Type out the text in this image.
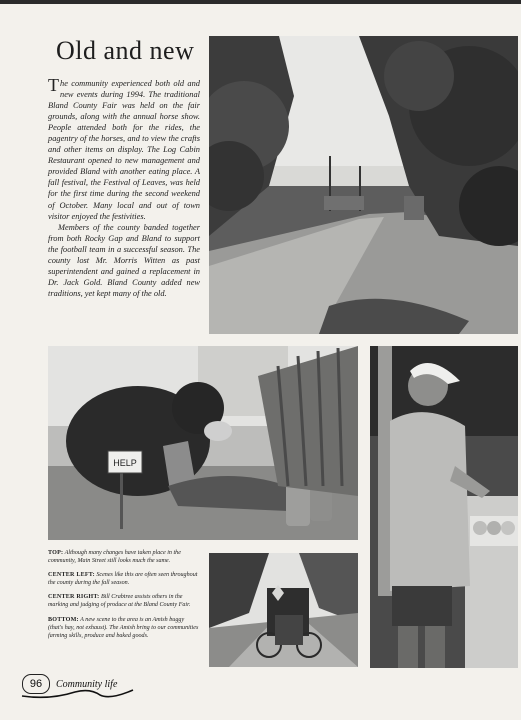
Old and new

The community experienced both old and new events during 1994. The traditional Bland County Fair was held on the fair grounds, along with the annual horse show. People attended both for the rides, the pagentry of the horses, and to view the crafts and other items on display. The Log Cabin Restaurant opened to new management and provided Bland with another eating place. A fall festival, the Festival of Leaves, was held for the first time during the second weekend of October. Many local and out of town visitor enjoyed the festivities.

Members of the county banded together from both Rocky Gap and Bland to support the football team in a successful season. The county lost Mr. Morris Witten as past superintendent and gained a replacement in Dr. Jack Gold. Bland County added new traditions, yet kept many of the old.

HELP

TOP: Although many changes have taken place in the community, Main Street still looks much the same.

CENTER LEFT: Scenes like this are often seen throughout the county during the fall season.

CENTER RIGHT: Bill Crabtree assists others in the marking and judging of produce at the Bland County Fair.

BOTTOM: A new scene to the area is an Amish buggy (that's hay, not exhaust). The Amish bring to our communities farming skills, produce and baked goods.

96	Community life
